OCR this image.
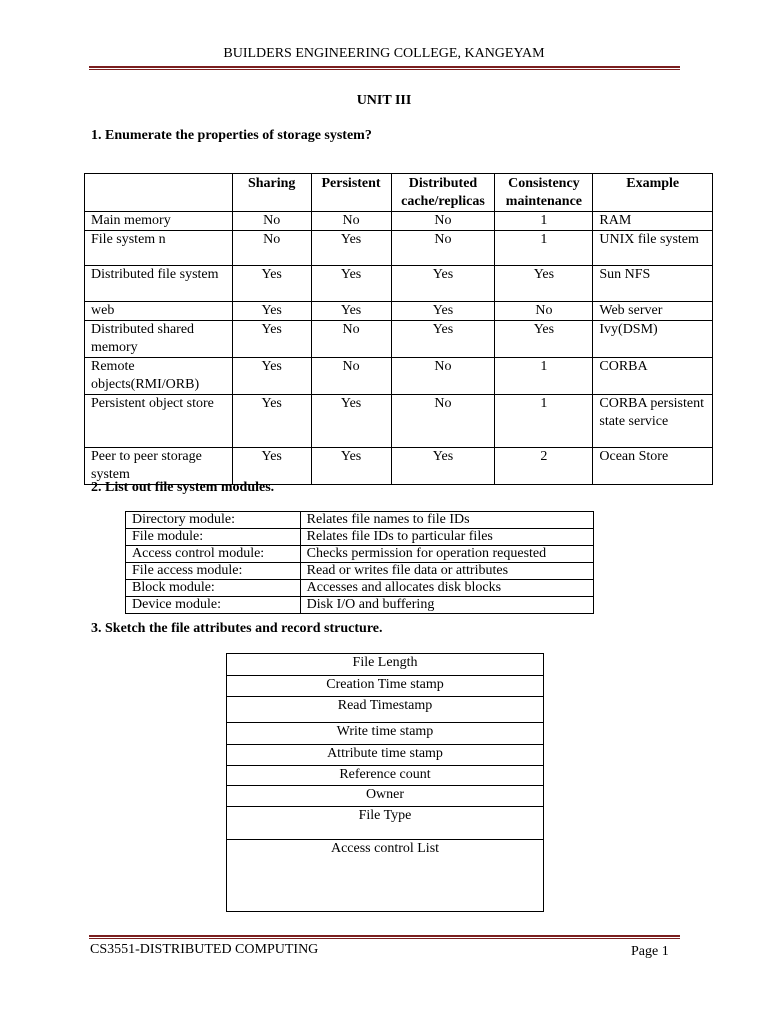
BUILDERS ENGINEERING COLLEGE, KANGEYAM
UNIT III
1. Enumerate the properties of storage system?
	Sharing	Persistent	Distributed cache/replicas	Consistency maintenance	Example
Main memory	No	No	No	1	RAM
File system n	No	Yes	No	1	UNIX file system
Distributed file system	Yes	Yes	Yes	Yes	Sun NFS
web	Yes	Yes	Yes	No	Web server
Distributed shared memory	Yes	No	Yes	Yes	Ivy(DSM)
Remote objects(RMI/ORB)	Yes	No	No	1	CORBA
Persistent object store	Yes	Yes	No	1	CORBA persistent state service
Peer to peer storage system	Yes	Yes	Yes	2	Ocean Store
2. List out file system modules.
Directory module:	Relates file names to file IDs
File module:	Relates file IDs to particular files
Access control module:	Checks permission for operation requested
File access module:	Read or writes file data or attributes
Block module:	Accesses and allocates disk blocks
Device module:	Disk I/O and buffering
3. Sketch the file attributes and record structure.
File Length
Creation Time stamp
Read Timestamp
Write time stamp
Attribute time stamp
Reference count
Owner
File Type
Access control List
CS3551-DISTRIBUTED COMPUTING	Page 1
